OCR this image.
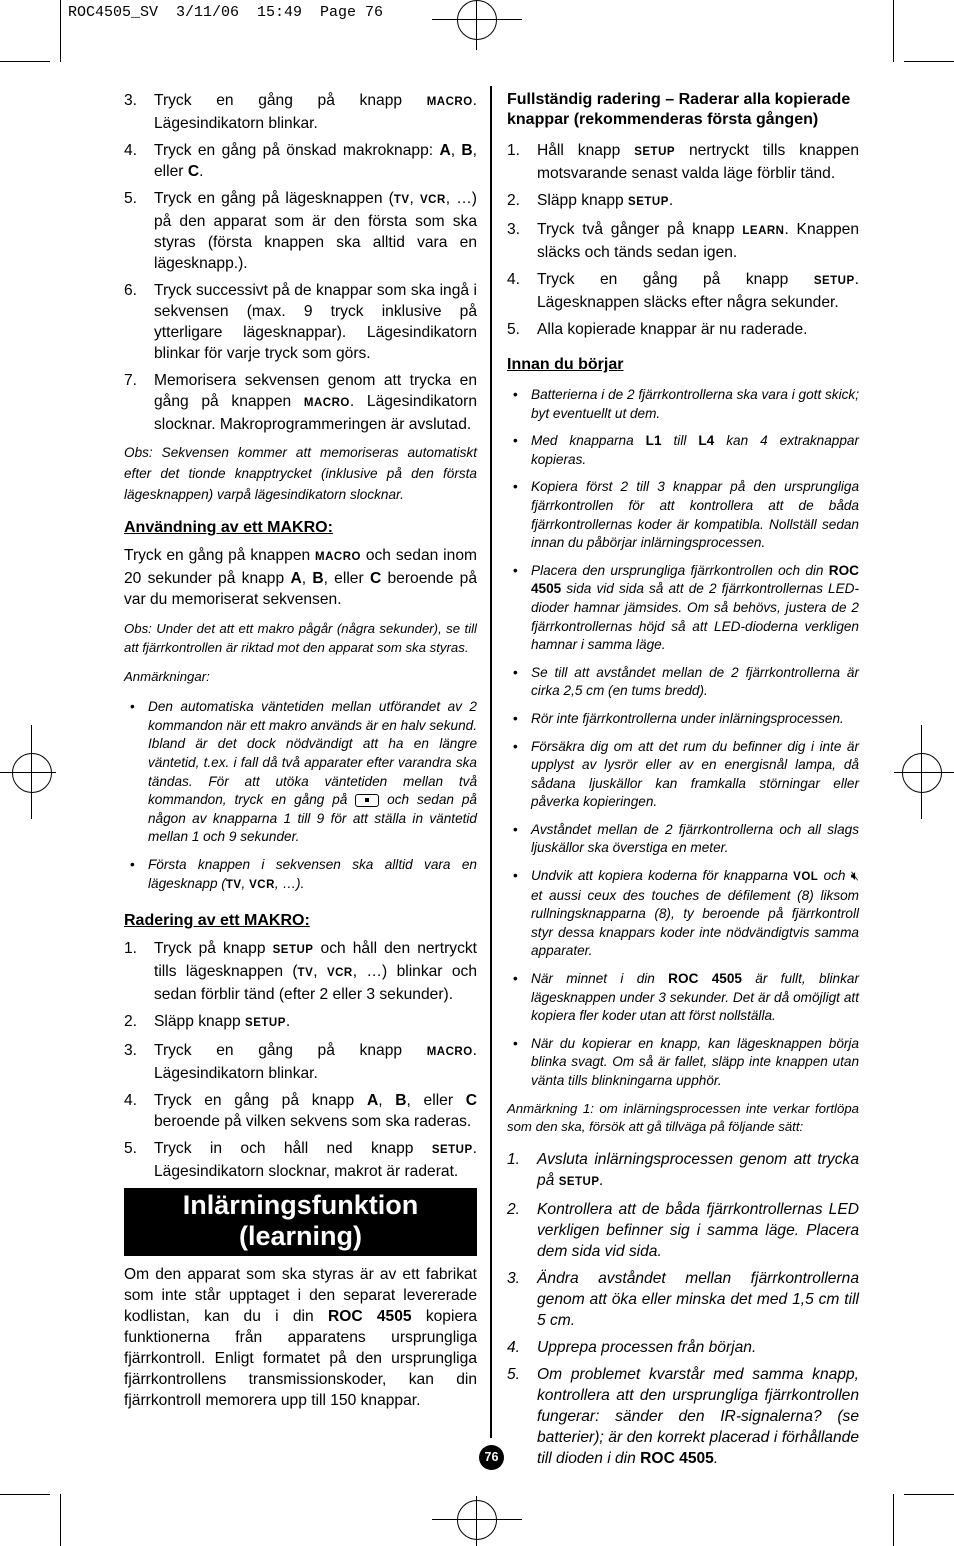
ROC4505_SV  3/11/06  15:49  Page 76
3. Tryck en gång på knapp MACRO. Lägesindikatorn blinkar.
4. Tryck en gång på önskad makroknapp: A, B, eller C.
5. Tryck en gång på lägesknappen (TV, VCR, …) på den apparat som är den första som ska styras (första knappen ska alltid vara en lägesknapp.).
6. Tryck successivt på de knappar som ska ingå i sekvensen (max. 9 tryck inklusive på ytterligare lägesknappar). Lägesindikatorn blinkar för varje tryck som görs.
7. Memorisera sekvensen genom att trycka en gång på knappen MACRO. Lägesindikatorn slocknar. Makroprogrammeringen är avslutad.
Obs: Sekvensen kommer att memoriseras automatiskt efter det tionde knapptrycket (inklusive på den första lägesknappen) varpå lägesindikatorn slocknar.
Användning av ett MAKRO:
Tryck en gång på knappen MACRO och sedan inom 20 sekunder på knapp A, B, eller C beroende på var du memoriserat sekvensen.
Obs: Under det att ett makro pågår (några sekunder), se till att fjärrkontrollen är riktad mot den apparat som ska styras.
Anmärkningar:
• Den automatiska väntetiden mellan utförandet av 2 kommandon när ett makro används är en halv sekund. Ibland är det dock nödvändigt att ha en längre väntetid, t.ex. i fall då två apparater efter varandra ska tändas. För att utöka väntetiden mellan två kommandon, tryck en gång på  och sedan på någon av knapparna 1 till 9 för att ställa in väntetid mellan 1 och 9 sekunder.
• Första knappen i sekvensen ska alltid vara en lägesknapp (TV, VCR, …).
Radering av ett MAKRO:
1. Tryck på knapp SETUP och håll den nertryckt tills lägesknappen (TV, VCR, …) blinkar och sedan förblir tänd (efter 2 eller 3 sekunder).
2. Släpp knapp SETUP.
3. Tryck en gång på knapp MACRO. Lägesindikatorn blinkar.
4. Tryck en gång på knapp A, B, eller C beroende på vilken sekvens som ska raderas.
5. Tryck in och håll ned knapp SETUP. Lägesindikatorn slocknar, makrot är raderat.
Inlärningsfunktion
(learning)
Om den apparat som ska styras är av ett fabrikat som inte står upptaget i den separat levererade kodlistan, kan du i din ROC 4505 kopiera funktionerna från apparatens ursprungliga fjärrkontroll. Enligt formatet på den ursprungliga fjärrkontrollens transmissionskoder, kan din fjärrkontroll memorera upp till 150 knappar.
Fullständig radering – Raderar alla kopierade knappar (rekommenderas första gången)
1. Håll knapp SETUP nertryckt tills knappen motsvarande senast valda läge förblir tänd.
2. Släpp knapp SETUP.
3. Tryck två gånger på knapp LEARN. Knappen släcks och tänds sedan igen.
4. Tryck en gång på knapp SETUP. Lägesknappen släcks efter några sekunder.
5. Alla kopierade knappar är nu raderade.
Innan du börjar
• Batterierna i de 2 fjärrkontrollerna ska vara i gott skick; byt eventuellt ut dem.
• Med knapparna L1 till L4 kan 4 extraknappar kopieras.
• Kopiera först 2 till 3 knappar på den ursprungliga fjärrkontrollen för att kontrollera att de båda fjärrkontrollernas koder är kompatibla. Nollställ sedan innan du påbörjar inlärningsprocessen.
• Placera den ursprungliga fjärrkontrollen och din ROC 4505 sida vid sida så att de 2 fjärrkontrollernas LED-dioder hamnar jämsides. Om så behövs, justera de 2 fjärrkontrollernas höjd så att LED-dioderna verkligen hamnar i samma läge.
• Se till att avståndet mellan de 2 fjärrkontrollerna är cirka 2,5 cm (en tums bredd).
• Rör inte fjärrkontrollerna under inlärningsprocessen.
• Försäkra dig om att det rum du befinner dig i inte är upplyst av lysrör eller av en energisnål lampa, då sådana ljuskällor kan framkalla störningar eller påverka kopieringen.
• Avståndet mellan de 2 fjärrkontrollerna och all slags ljuskällor ska överstiga en meter.
• Undvik att kopiera koderna för knapparna VOL och 🔇︎ et aussi ceux des touches de défilement (8) liksom rullningsknapparna (8), ty beroende på fjärrkontroll styr dessa knappars koder inte nödvändigtvis samma apparater.
• När minnet i din ROC 4505 är fullt, blinkar lägesknappen under 3 sekunder. Det är då omöjligt att kopiera fler koder utan att först nollställa.
• När du kopierar en knapp, kan lägesknappen börja blinka svagt. Om så är fallet, släpp inte knappen utan vänta tills blinkningarna upphör.
Anmärkning 1: om inlärningsprocessen inte verkar fortlöpa som den ska, försök att gå tillväga på följande sätt:
1. Avsluta inlärningsprocessen genom att trycka på SETUP.
2. Kontrollera att de båda fjärrkontrollernas LED verkligen befinner sig i samma läge. Placera dem sida vid sida.
3. Ändra avståndet mellan fjärrkontrollerna genom att öka eller minska det med 1,5 cm till 5 cm.
4. Upprepa processen från början.
5. Om problemet kvarstår med samma knapp, kontrollera att den ursprungliga fjärrkontrollen fungerar: sänder den IR-signalerna? (se batterier); är den korrekt placerad i förhållande till dioden i din ROC 4505.
76
